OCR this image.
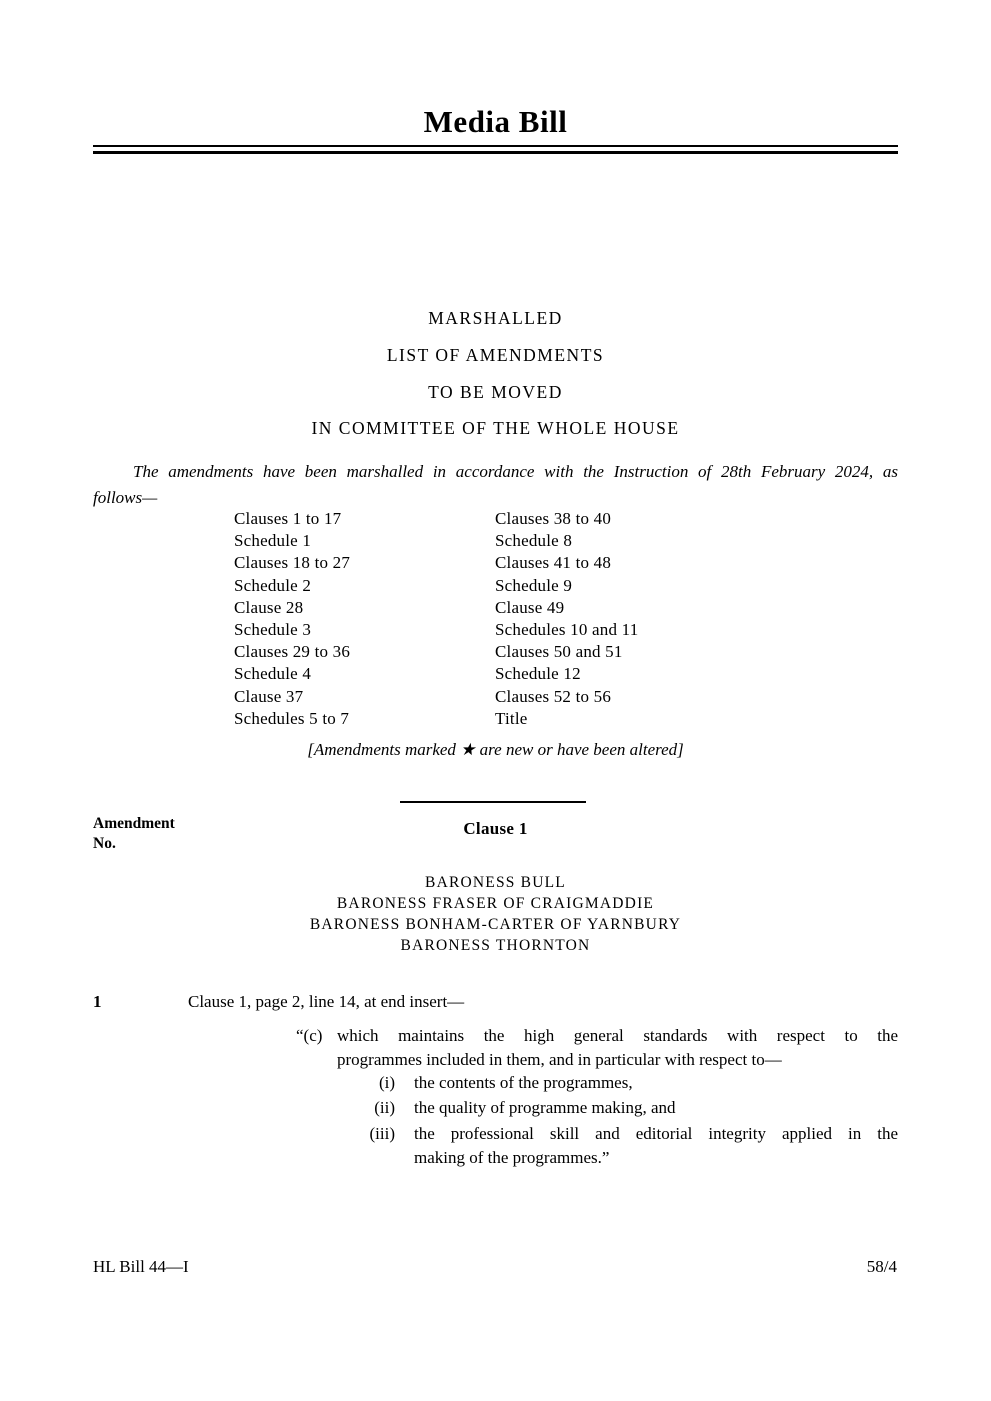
Media Bill
MARSHALLED
LIST OF AMENDMENTS
TO BE MOVED
IN COMMITTEE OF THE WHOLE HOUSE
The amendments have been marshalled in accordance with the Instruction of 28th February 2024, as
follows—
Clauses 1 to 17
Schedule 1
Clauses 18 to 27
Schedule 2
Clause 28
Schedule 3
Clauses 29 to 36
Schedule 4
Clause 37
Schedules 5 to 7
Clauses 38 to 40
Schedule 8
Clauses 41 to 48
Schedule 9
Clause 49
Schedules 10 and 11
Clauses 50 and 51
Schedule 12
Clauses 52 to 56
Title
[Amendments marked ★ are new or have been altered]
Amendment
No.
Clause 1
BARONESS BULL
BARONESS FRASER OF CRAIGMADDIE
BARONESS BONHAM-CARTER OF YARNBURY
BARONESS THORNTON
1	Clause 1, page 2, line 14, at end insert—
“(c) which maintains the high general standards with respect to the
programmes included in them, and in particular with respect to—
(i) the contents of the programmes,
(ii) the quality of programme making, and
(iii) the professional skill and editorial integrity applied in the
making of the programmes.”
HL Bill 44—I	58/4
